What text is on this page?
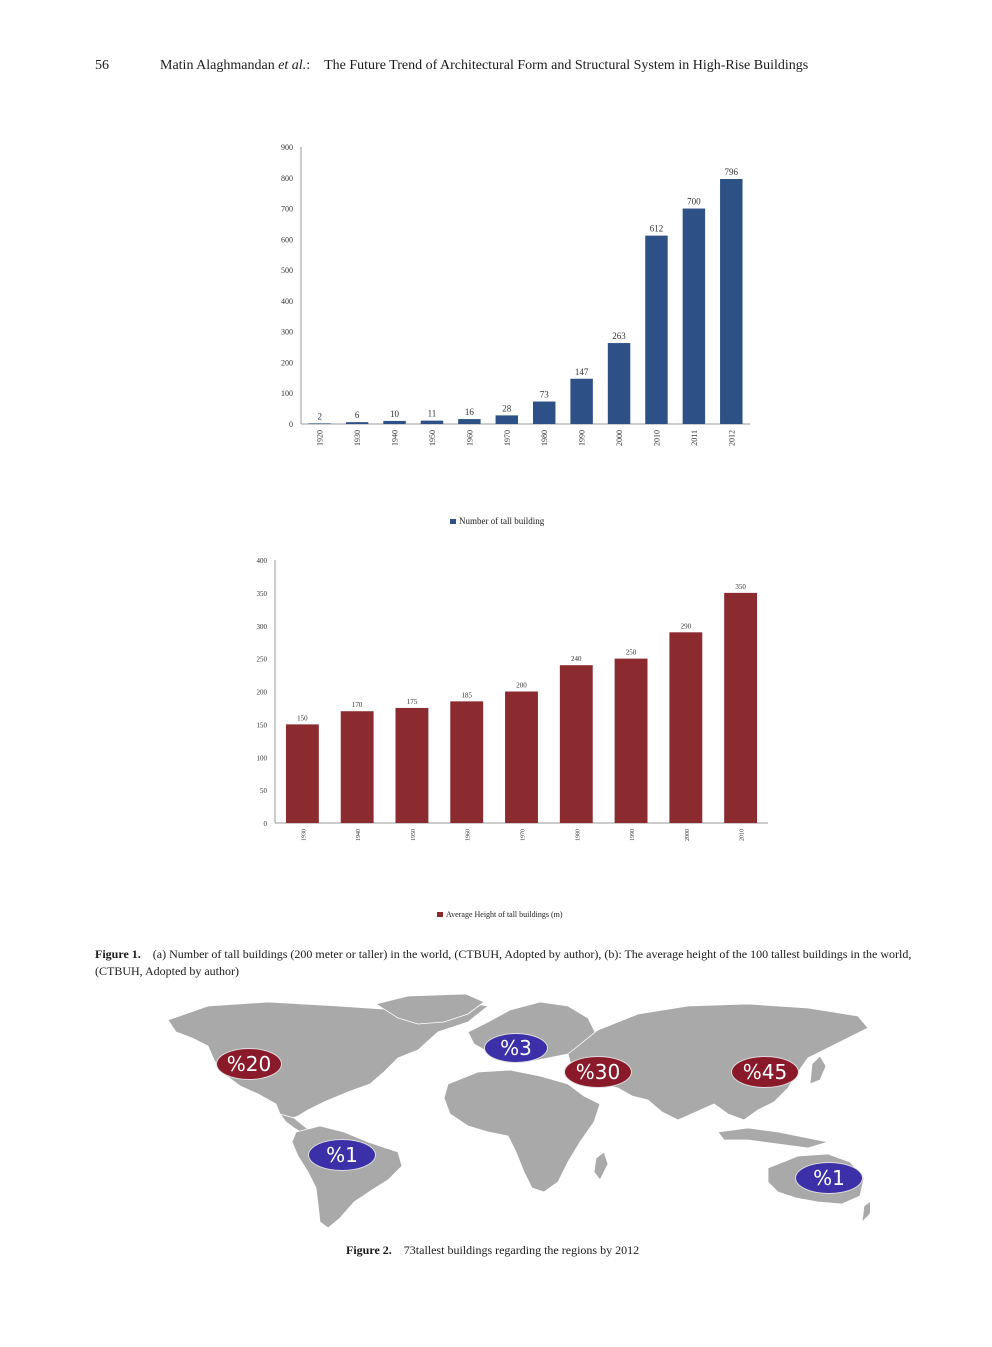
56	Matin Alaghmandan et al.:    The Future Trend of Architectural Form and Structural System in High-Rise Buildings
0
100
200
300
400
500
600
700
800
900
2
1920
6
1930
10
1940
11
1950
16
1960
28
1970
73
1980
147
1990
263
2000
612
2010
700
2011
796
2012
Number of tall building
0
50
100
150
200
250
300
350
400
150
1930
170
1940
175
1950
185
1960
200
1970
240
1980
250
1990
290
2000
350
2010
Average Height of tall buildings (m)
Figure 1. (a) Number of tall buildings (200 meter or taller) in the world, (CTBUH, Adopted by author), (b): The average height of the 100 tallest buildings in the world, (CTBUH, Adopted by author)
%20
%3
%30	%45
%1
%1
Figure 2. 73tallest buildings regarding the regions by 2012
